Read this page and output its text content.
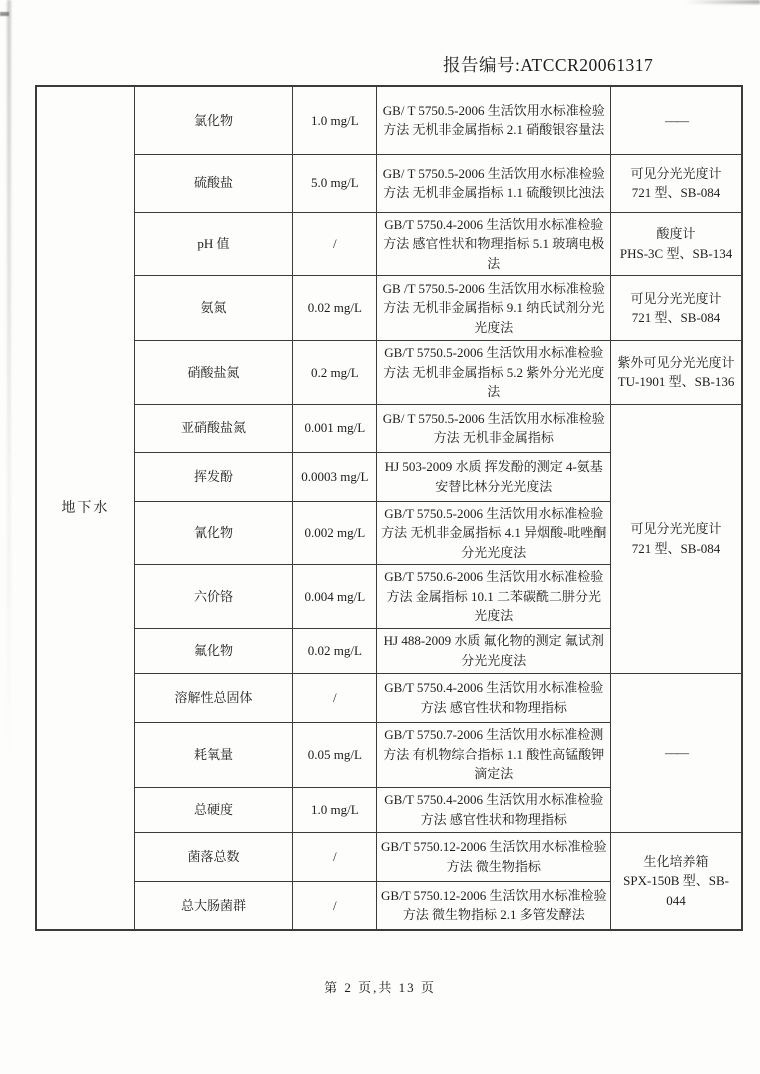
报告编号:ATCCR20061317
地下水	氯化物	1.0 mg/L	GB/ T 5750.5-2006 生活饮用水标准检验方法 无机非金属指标 2.1 硝酸银容量法	——
	硫酸盐	5.0 mg/L	GB/ T 5750.5-2006 生活饮用水标准检验方法 无机非金属指标 1.1 硫酸钡比浊法	可见分光光度计
721 型、SB-084

	pH 值	/	GB/T 5750.4-2006 生活饮用水标准检验方法 感官性状和物理指标 5.1 玻璃电极法	酸度计
PHS-3C 型、SB-134

	氨氮	0.02 mg/L	GB /T 5750.5-2006 生活饮用水标准检验方法 无机非金属指标 9.1 纳氏试剂分光光度法	可见分光光度计
721 型、SB-084

	硝酸盐氮	0.2 mg/L	GB/T 5750.5-2006 生活饮用水标准检验方法 无机非金属指标 5.2 紫外分光光度法	紫外可见分光光度计
TU-1901 型、SB-136

	亚硝酸盐氮	0.001 mg/L	GB/ T 5750.5-2006 生活饮用水标准检验方法 无机非金属指标	可见分光光度计
721 型、SB-084

	挥发酚	0.0003 mg/L	HJ 503-2009 水质 挥发酚的测定 4-氨基安替比林分光光度法	
	氰化物	0.002 mg/L	GB/T 5750.5-2006 生活饮用水标准检验方法 无机非金属指标 4.1 异烟酸-吡唑酮分光光度法	
	六价铬	0.004 mg/L	GB/T 5750.6-2006 生活饮用水标准检验方法 金属指标 10.1 二苯碳酰二肼分光光度法	
	氟化物	0.02 mg/L	HJ 488-2009 水质 氟化物的测定 氟试剂分光光度法	
	溶解性总固体	/	GB/T 5750.4-2006 生活饮用水标准检验方法 感官性状和物理指标	——
	耗氧量	0.05 mg/L	GB/T 5750.7-2006 生活饮用水标准检测方法 有机物综合指标 1.1 酸性高锰酸钾滴定法	
	总硬度	1.0 mg/L	GB/T 5750.4-2006 生活饮用水标准检验方法 感官性状和物理指标	
	菌落总数	/	GB/T 5750.12-2006 生活饮用水标准检验方法 微生物指标	生化培养箱
SPX-150B 型、SB-044

	总大肠菌群	/	GB/T 5750.12-2006 生活饮用水标准检验方法 微生物指标 2.1 多管发酵法	
第 2 页,共 13 页
